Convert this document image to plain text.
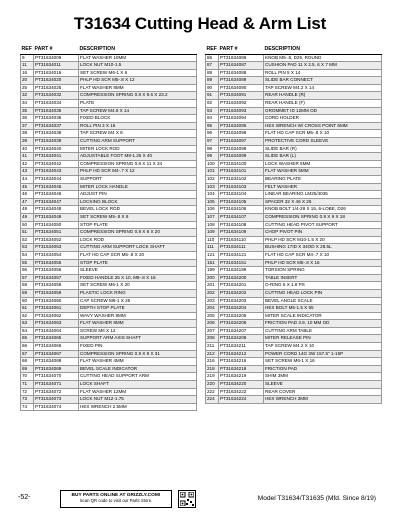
T31634 Cutting Head & Arm List
REF	PART #	DESCRIPTION
9	PT31634009	FLAT WASHER 10MM
11	PT31634011	LOCK NUT M10-1.5
16	PT31634016	SET SCREW M6-1 X 6
20	PT31634020	PHLP HD SCR M5-.8 X 12
25	PT31634025	FLAT WASHER 8MM
32	PT31634032	COMPRESSION SPRING 0.8 X 9.6 X 23.2
34	PT31634034	PLATE
35	PT31634035	TAP SCREW M4.8 X 14
36	PT31634036	FIXED BLOCK
37	PT31634037	ROLL PIN 3 X 16
38	PT31634038	TAP SCREW M4 X 8
39	PT31634039	CUTTING ARM SUPPORT
40	PT31634040	MITER LOCK ROD
41	PT31634041	ADJUSTABLE FOOT M8-1.25 X 40
42	PT31634042	COMPRESSION SPRING 0.8 X 11 X 34
43	PT31634043	PHLP HD SCR M4-.7 X 12
44	PT31634044	SUPPORT
45	PT31634045	MITER LOCK HANDLE
46	PT31634046	ADJUST PIN
47	PT31634047	LOCKING BLOCK
48	PT31634048	BEVEL LOCK ROD
49	PT31634049	SET SCREW M5-.8 X 8
50	PT31634050	STOP PLATE
51	PT31634051	COMPRESSION SPRING 0.8 X 6 X 20
52	PT31634052	LOCK ROD
53	PT31634053	CUTTING ARM SUPPORT LOCK SHAFT
54	PT31634054	FLAT HD CAP SCR M5-.8 X 20
55	PT31634055	STOP PLATE
56	PT31634056	SLEEVE
57	PT31634057	FIXED HANDLE 25 X 10, M8-.8 X 16
58	PT31634058	SET SCREW M6-1 X 20
59	PT31634059	PLASTIC LOCK RING
60	PT31634060	CAP SCREW M6-1 X 25
61	PT31634061	DEPTH STOP PLATE
62	PT31634062	WAVY WASHER 8MM
63	PT31634063	FLAT WASHER 8MM
64	PT31634064	SCREW M6 X 12
65	PT31634065	SUPPORT ARM AXIS SHAFT
66	PT31634066	FIXED PIN
67	PT31634067	COMPRESSION SPRING 0.9 X 9 X 31
68	PT31634068	FLAT WASHER 4MM
69	PT31634069	BEVEL SCALE INDICATOR
70	PT31634070	CUTTING HEAD SUPPORT ARM
71	PT31634071	LOCK SHAFT
72	PT31634072	FLAT WASHER 12MM
73	PT31634073	LOCK NUT M12-1.75
74	PT31634074	HEX WRENCH 2.5MM
REF	PART #	DESCRIPTION
86	PT31634086	KNOB M5-.8, D25, ROUND
87	PT31634087	CUSHION PAD 11 X 2.5, 6 X 7 MM
88	PT31634088	ROLL PIN 5 X 14
89	PT31634089	SLIDE BAR CONNECT
90	PT31634090	TAP SCREW M4.2 X 14
91	PT31634091	REAR HANDLE (R)
92	PT31634092	REAR HANDLE (F)
93	PT31634093	GROMMET ID 12MM OD
94	PT31634094	CORD HOLDER
95	PT31634095	HEX WRENCH W/ CROSS POINT 6MM
96	PT31634096	FLAT HD CAP SCR M5-.8 X 10
97	PT31634097	PROTECTIVE CORD SLEEVE
98	PT31634098	SLIDE BAR (R)
99	PT31634099	SLIDE BAR (L)
100	PT31634100	LOCK WASHER 5MM
101	PT31634101	FLAT WASHER 5MM
102	PT31634102	BEARING PLATE
103	PT31634103	FELT WASHER
104	PT31634104	LINEAR BEARING LM25/4035
105	PT31634105	SPACER 32 X 46 X 26
106	PT31634106	KNOB BOLT 1/4-28 X 15, 6-LOBE, D26
107	PT31634107	COMPRESSION SPRING 0.8 X 9 X 18
108	PT31634108	CUTTING HEAD PIVOT SUPPORT
109	PT31634109	CHOP PIVOT PIN
110	PT31634110	PHLP HD SCR M10-1.5 X 20
111	PT31634111	BUSHING 17ID X 34OD X 28.5L
121	PT31634121	FLAT HD CAP SCR M4-.7 X 10
151	PT31634151	PHLP HD SCR M5-.8 X 16
199	PT31634199	TORSION SPRING
200	PT31634200	TABLE INSERT
201	PT31634201	O-RING 5 X 1.8 PS
202	PT31634202	CUTTING HEAD LOCK PIN
203	PT31634203	BEVEL ANGLE SCALE
204	PT31634204	HEX BOLT M5-1.5 X 55
205	PT31634205	MITER SCALE INDICATOR
206	PT31634206	FRICTION PAD 3.9, 10 MM OD
207	PT31634207	CUTTING ARM TABLE
208	PT31634208	MITER RELEASE PIN
211	PT31634211	TAP SCREW M4.2 X 10
212	PT31634212	POWER CORD 14G 3W 157.5" 1-15P
216	PT31634216	SET SCREW M6-1 X 16
218	PT31634218	FRICTION PAD
219	PT31634219	SHIM 3MM
220	PT31634220	SLEEVE
222	PT31634222	REAR COVER
224	PT31634224	HEX WRENCH 3MM
-52-	BUY PARTS ONLINE AT GRIZZLY.COM!
Scan QR code to visit our Parts Store.	Model T31634/T31635 (Mfd. Since 8/19)
